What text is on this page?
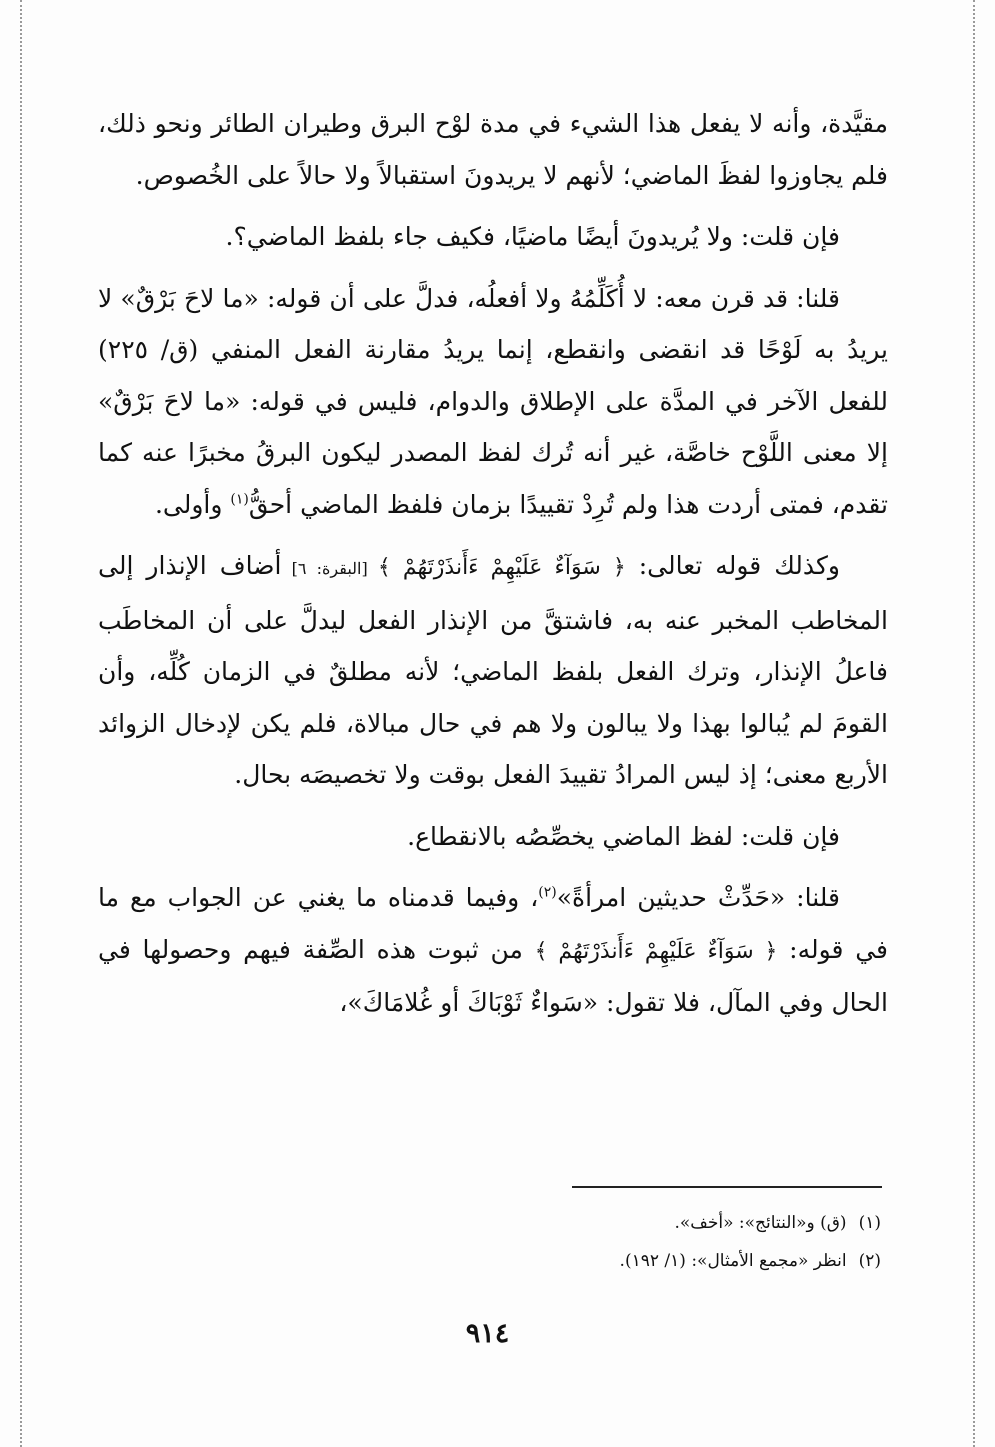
مقيَّدة، وأنه لا يفعل هذا الشيء في مدة لوْح البرق وطيران الطائر ونحو ذلك، فلم يجاوزوا لفظَ الماضي؛ لأنهم لا يريدونَ استقبالاً ولا حالاً على الخُصوص.

فإن قلت: ولا يُريدونَ أيضًا ماضيًا، فكيف جاء بلفظ الماضي؟.

قلنا: قد قرن معه: لا أُكَلِّمُهُ ولا أفعلُه، فدلَّ على أن قوله: «ما لاحَ بَرْقٌ» لا يريدُ به لَوْحًا قد انقضى وانقطع، إنما يريدُ مقارنة الفعل المنفي (ق/ ٢٢٥) للفعل الآخر في المدَّة على الإطلاق والدوام، فليس في قوله: «ما لاحَ بَرْقٌ» إلا معنى اللَّوْح خاصَّة، غير أنه تُرك لفظ المصدر ليكون البرقُ مخبرًا عنه كما تقدم، فمتى أردت هذا ولم تُرِدْ تقييدًا بزمان فلفظ الماضي أحقُّ$^{(١)}$ وأولى.

وكذلك قوله تعالى: ﴿ سَوَآءٌ عَلَيْهِمْ ءَأَنذَرْتَهُمْ ﴾ [البقرة: ٦] أضاف الإنذار إلى المخاطب المخبر عنه به، فاشتقَّ من الإنذار الفعل ليدلَّ على أن المخاطَب فاعلُ الإنذار، وترك الفعل بلفظ الماضي؛ لأنه مطلقٌ في الزمان كُلِّه، وأن القومَ لم يُبالوا بهذا ولا يبالون ولا هم في حال مبالاة، فلم يكن لإدخال الزوائد الأربع معنى؛ إذ ليس المرادُ تقييدَ الفعل بوقت ولا تخصيصَه بحال.

فإن قلت: لفظ الماضي يخصِّصُه بالانقطاع.

قلنا: «حَدِّثْ حديثين امرأةً»$^{(٢)}$، وفيما قدمناه ما يغني عن الجواب مع ما في قوله: ﴿ سَوَآءٌ عَلَيْهِمْ ءَأَنذَرْتَهُمْ ﴾ من ثبوت هذه الصِّفة فيهم وحصولها في الحال وفي المآل، فلا تقول: «سَواءٌ ثَوْبَاكَ أو غُلامَاكَ»،

(١)(ق) و«النتائج»: «أخف».

(٢)انظر «مجمع الأمثال»: (١/ ١٩٢).

٩١٤
